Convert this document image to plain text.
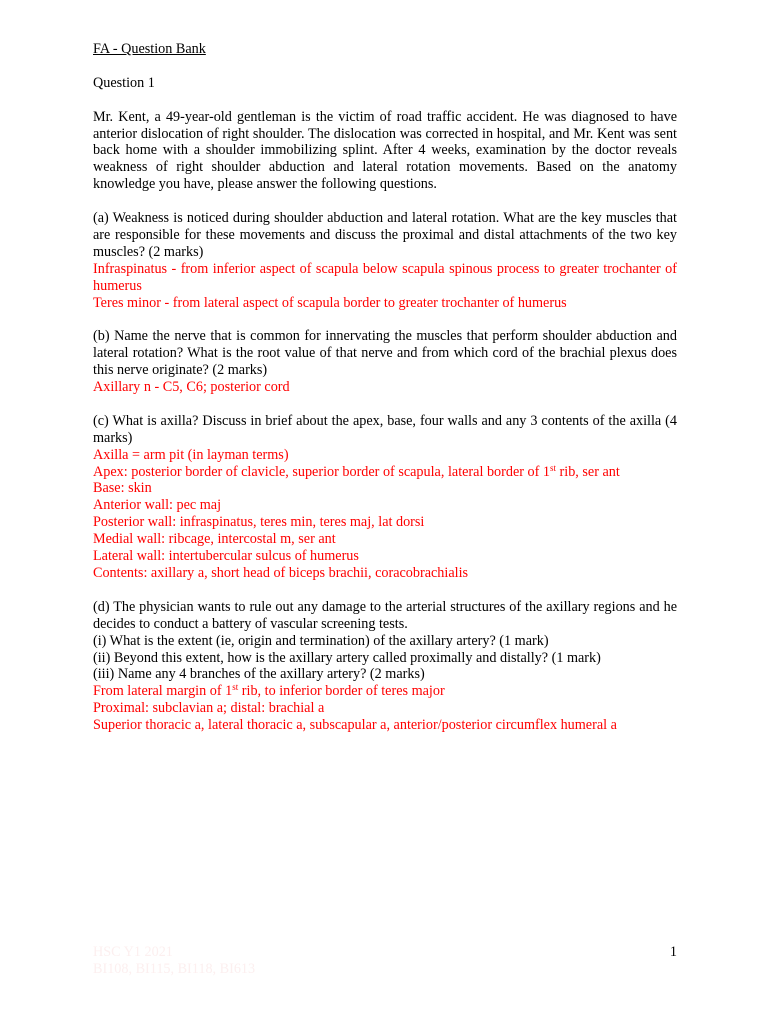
FA - Question Bank

Question 1

Mr. Kent, a 49-year-old gentleman is the victim of road traffic accident. He was diagnosed to have anterior dislocation of right shoulder. The dislocation was corrected in hospital, and Mr. Kent was sent back home with a shoulder immobilizing splint. After 4 weeks, examination by the doctor reveals weakness of right shoulder abduction and lateral rotation movements. Based on the anatomy knowledge you have, please answer the following questions.

(a) Weakness is noticed during shoulder abduction and lateral rotation. What are the key muscles that are responsible for these movements and discuss the proximal and distal attachments of the two key muscles? (2 marks)

Infraspinatus - from inferior aspect of scapula below scapula spinous process to greater trochanter of humerus

Teres minor - from lateral aspect of scapula border to greater trochanter of humerus

(b) Name the nerve that is common for innervating the muscles that perform shoulder abduction and lateral rotation? What is the root value of that nerve and from which cord of the brachial plexus does this nerve originate? (2 marks)

Axillary n - C5, C6; posterior cord

(c) What is axilla? Discuss in brief about the apex, base, four walls and any 3 contents of the axilla (4 marks)

Axilla = arm pit (in layman terms)

Apex: posterior border of clavicle, superior border of scapula, lateral border of 1st rib, ser ant

Base: skin

Anterior wall: pec maj

Posterior wall: infraspinatus, teres min, teres maj, lat dorsi

Medial wall: ribcage, intercostal m, ser ant

Lateral wall: intertubercular sulcus of humerus

Contents: axillary a, short head of biceps brachii, coracobrachialis

(d) The physician wants to rule out any damage to the arterial structures of the axillary regions and he decides to conduct a battery of vascular screening tests.

(i) What is the extent (ie, origin and termination) of the axillary artery? (1 mark)

(ii) Beyond this extent, how is the axillary artery called proximally and distally? (1 mark)

(iii) Name any 4 branches of the axillary artery? (2 marks)

From lateral margin of 1st rib, to inferior border of teres major

Proximal: subclavian a; distal: brachial a

Superior thoracic a, lateral thoracic a, subscapular a, anterior/posterior circumflex humeral a

HSC Y1 2021
BI108, BI115, BI118, BI613
1
